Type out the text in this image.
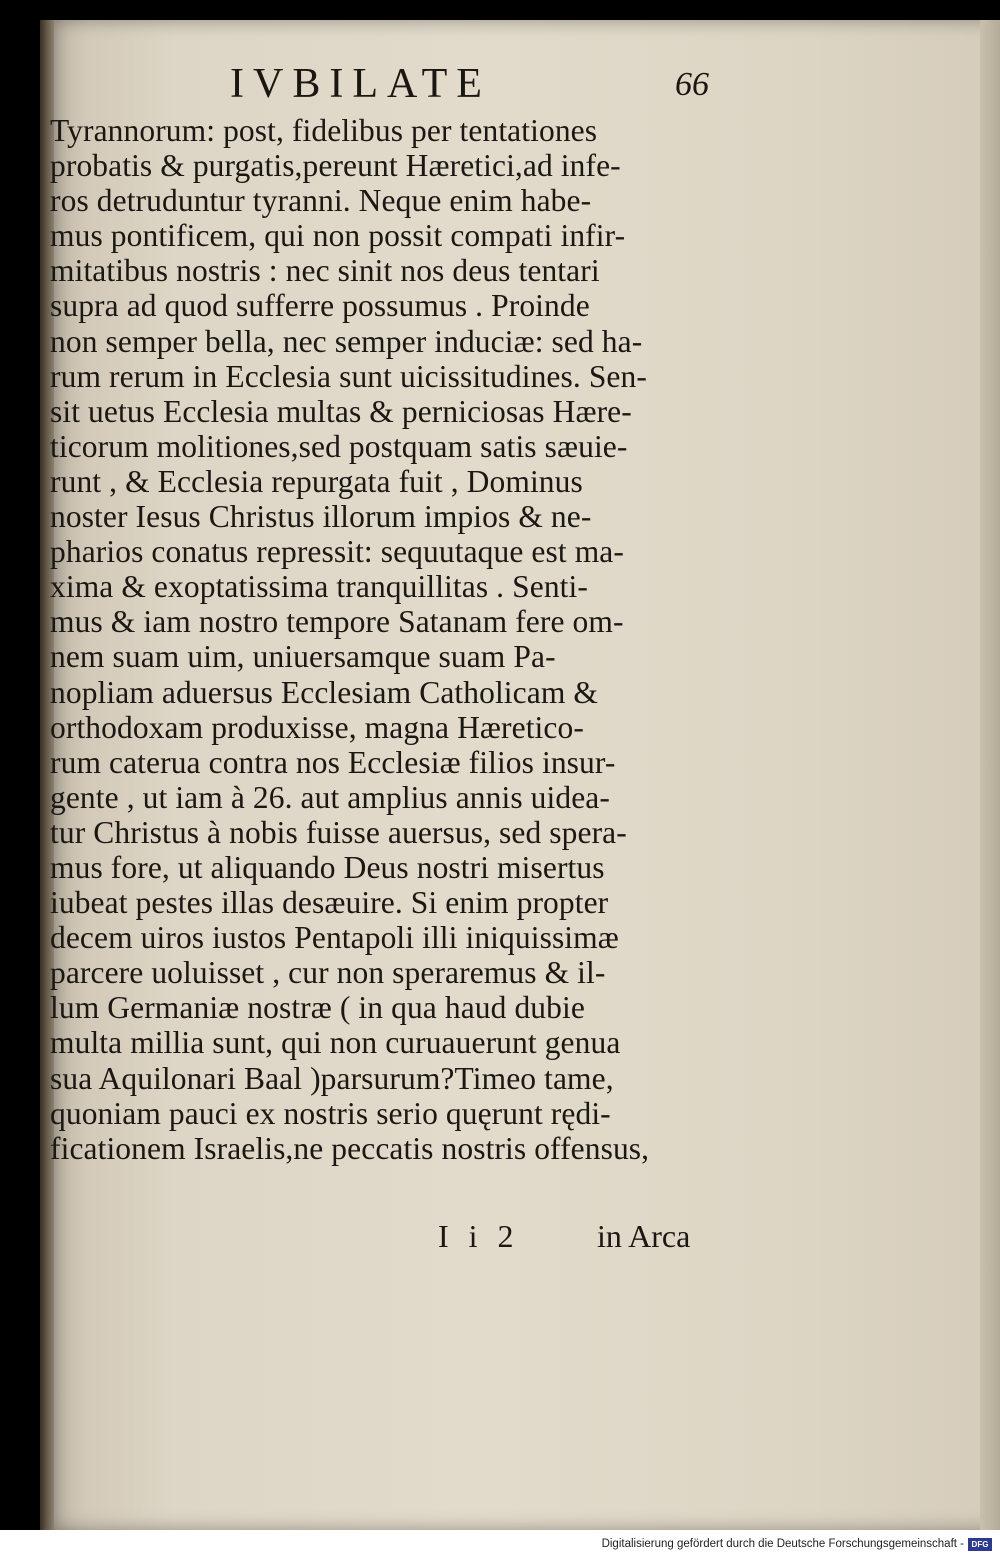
IVBILATE	66
Tyrannorum: post, fidelibus per tentationes
probatis & purgatis,pereunt Hæretici,ad infe-
ros detruduntur tyranni. Neque enim habe-
mus pontificem, qui non possit compati infir-
mitatibus nostris : nec sinit nos deus tentari
supra ad quod sufferre possumus . Proinde
non semper bella, nec semper induciæ: sed ha-
rum rerum in Ecclesia sunt uicissitudines. Sen-
sit uetus Ecclesia multas & perniciosas Hære-
ticorum molitiones,sed postquam satis sæuie-
runt , & Ecclesia repurgata fuit , Dominus
noster Iesus Christus illorum impios & ne-
pharios conatus repressit: sequutaque est ma-
xima & exoptatissima tranquillitas . Senti-
mus & iam nostro tempore Satanam fere om-
nem suam uim, uniuersamque suam Pa-
nopliam aduersus Ecclesiam Catholicam &
orthodoxam produxisse, magna Hæretico-
rum caterua contra nos Ecclesiæ filios insur-
gente , ut iam à 26. aut amplius annis uidea-
tur Christus à nobis fuisse auersus, sed spera-
mus fore, ut aliquando Deus nostri misertus
iubeat pestes illas desæuire. Si enim propter
decem uiros iustos Pentapoli illi iniquissimæ
parcere uoluisset , cur non speraremus & il-
lum Germaniæ nostræ ( in qua haud dubie
multa millia sunt, qui non curuauerunt genua
sua Aquilonari Baal )parsurum?Timeo tame,
quoniam pauci ex nostris serio quęrunt rędi-
ficationem Israelis,ne peccatis nostris offensus,
I i 2 in Arca
Digitalisierung gefördert durch die Deutsche Forschungsgemeinschaft - DFG
